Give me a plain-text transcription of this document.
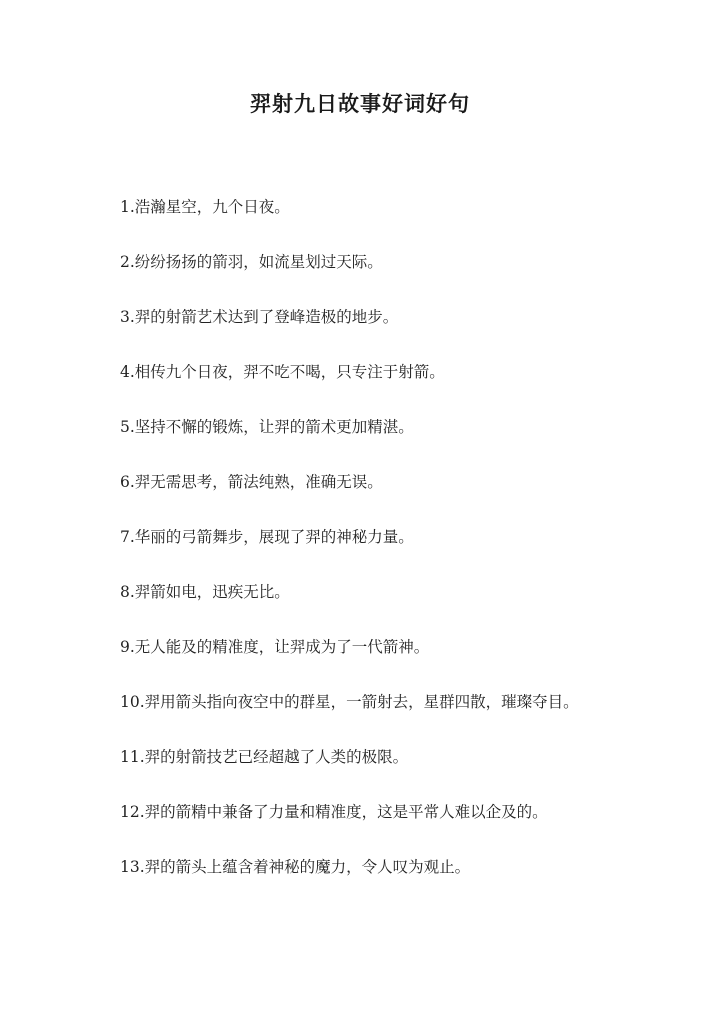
羿射九日故事好词好句
1.浩瀚星空，九个日夜。
2.纷纷扬扬的箭羽，如流星划过天际。
3.羿的射箭艺术达到了登峰造极的地步。
4.相传九个日夜，羿不吃不喝，只专注于射箭。
5.坚持不懈的锻炼，让羿的箭术更加精湛。
6.羿无需思考，箭法纯熟，准确无误。
7.华丽的弓箭舞步，展现了羿的神秘力量。
8.羿箭如电，迅疾无比。
9.无人能及的精准度，让羿成为了一代箭神。
10.羿用箭头指向夜空中的群星，一箭射去，星群四散，璀璨夺目。
11.羿的射箭技艺已经超越了人类的极限。
12.羿的箭精中兼备了力量和精准度，这是平常人难以企及的。
13.羿的箭头上蕴含着神秘的魔力，令人叹为观止。
